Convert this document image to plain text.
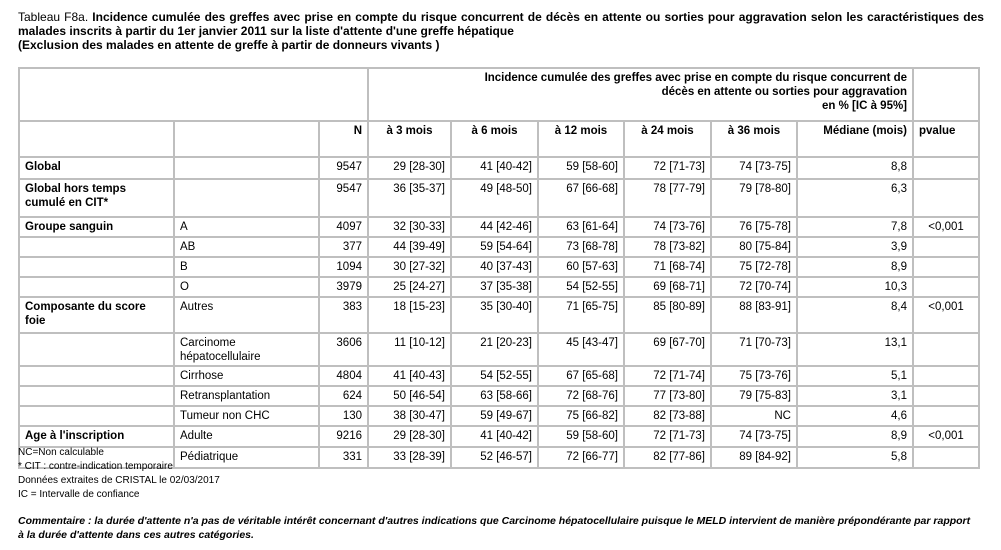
Tableau F8a. Incidence cumulée des greffes avec prise en compte du risque concurrent de décès en attente ou sorties pour aggravation selon les caractéristiques des malades inscrits à partir du 1er janvier 2011 sur la liste d'attente d'une greffe hépatique
(Exclusion des malades en attente de greffe à partir de donneurs vivants )

			Incidence cumulée des greffes avec prise en compte du risque concurrent de
décès en attente ou sorties pour aggravation
en % [IC à 95%]						

		N	à 3 mois	à 6 mois	à 12 mois	à 24 mois	à 36 mois	Médiane (mois)	pvalue
Global		9547	29 [28-30]	41 [40-42]	59 [58-60]	72 [71-73]	74 [73-75]	8,8	
Global hors temps cumulé en CIT*		9547	36 [35-37]	49 [48-50]	67 [66-68]	78 [77-79]	79 [78-80]	6,3	
Groupe sanguin	A	4097	32 [30-33]	44 [42-46]	63 [61-64]	74 [73-76]	76 [75-78]	7,8	<0,001
	AB	377	44 [39-49]	59 [54-64]	73 [68-78]	78 [73-82]	80 [75-84]	3,9	
	B	1094	30 [27-32]	40 [37-43]	60 [57-63]	71 [68-74]	75 [72-78]	8,9	
	O	3979	25 [24-27]	37 [35-38]	54 [52-55]	69 [68-71]	72 [70-74]	10,3	
Composante du score foie	Autres	383	18 [15-23]	35 [30-40]	71 [65-75]	85 [80-89]	88 [83-91]	8,4	<0,001
	Carcinome hépatocellulaire	3606	11 [10-12]	21 [20-23]	45 [43-47]	69 [67-70]	71 [70-73]	13,1	
	Cirrhose	4804	41 [40-43]	54 [52-55]	67 [65-68]	72 [71-74]	75 [73-76]	5,1	
	Retransplantation	624	50 [46-54]	63 [58-66]	72 [68-76]	77 [73-80]	79 [75-83]	3,1	
	Tumeur non CHC	130	38 [30-47]	59 [49-67]	75 [66-82]	82 [73-88]	NC	4,6	
Age à l'inscription	Adulte	9216	29 [28-30]	41 [40-42]	59 [58-60]	72 [71-73]	74 [73-75]	8,9	<0,001
	Pédiatrique	331	33 [28-39]	52 [46-57]	72 [66-77]	82 [77-86]	89 [84-92]	5,8	
NC=Non calculable
* CIT : contre-indication temporaire
Données extraites de CRISTAL le 02/03/2017
IC = Intervalle de confiance
Commentaire : la durée d'attente n'a pas de véritable intérêt concernant d'autres indications que Carcinome hépatocellulaire puisque le MELD intervient de manière prépondérante par rapport à la durée d'attente dans ces autres catégories.
